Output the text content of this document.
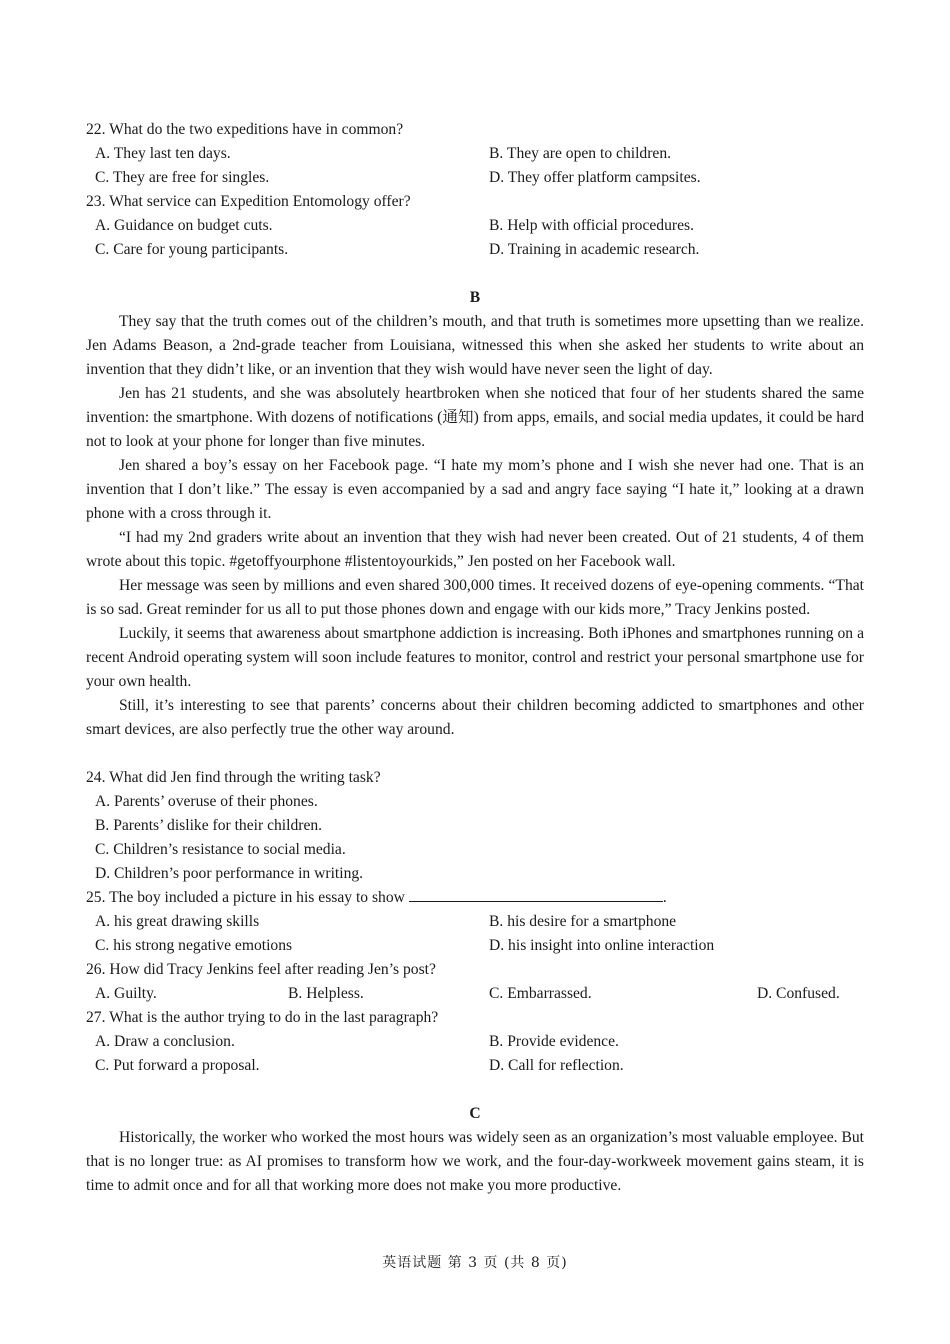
22. What do the two expeditions have in common?

A. They last ten days.	B. They are open to children.
C. They are free for singles.	D. They offer platform campsites.

23. What service can Expedition Entomology offer?

A. Guidance on budget cuts.	B. Help with official procedures.
C. Care for young participants.	D. Training in academic research.

B

They say that the truth comes out of the children’s mouth, and that truth is sometimes more upsetting than we realize. Jen Adams Beason, a 2nd-grade teacher from Louisiana, witnessed this when she asked her students to write about an invention that they didn’t like, or an invention that they wish would have never seen the light of day.

Jen has 21 students, and she was absolutely heartbroken when she noticed that four of her students shared the same invention: the smartphone. With dozens of notifications (通知) from apps, emails, and social media updates, it could be hard not to look at your phone for longer than five minutes.

Jen shared a boy’s essay on her Facebook page. “I hate my mom’s phone and I wish she never had one. That is an invention that I don’t like.” The essay is even accompanied by a sad and angry face saying “I hate it,” looking at a drawn phone with a cross through it.

“I had my 2nd graders write about an invention that they wish had never been created. Out of 21 students, 4 of them wrote about this topic. #getoffyourphone #listentoyourkids,” Jen posted on her Facebook wall.

Her message was seen by millions and even shared 300,000 times. It received dozens of eye-opening comments. “That is so sad. Great reminder for us all to put those phones down and engage with our kids more,” Tracy Jenkins posted.

Luckily, it seems that awareness about smartphone addiction is increasing. Both iPhones and smartphones running on a recent Android operating system will soon include features to monitor, control and restrict your personal smartphone use for your own health.

Still, it’s interesting to see that parents’ concerns about their children becoming addicted to smartphones and other smart devices, are also perfectly true the other way around.

24. What did Jen find through the writing task?

A. Parents’ overuse of their phones.

B. Parents’ dislike for their children.

C. Children’s resistance to social media.

D. Children’s poor performance in writing.

25. The boy included a picture in his essay to show	.

A. his great drawing skills	B. his desire for a smartphone
C. his strong negative emotions	D. his insight into online interaction

26. How did Tracy Jenkins feel after reading Jen’s post?

A. Guilty.	B. Helpless.	C. Embarrassed.	D. Confused.

27. What is the author trying to do in the last paragraph?

A. Draw a conclusion.	B. Provide evidence.
C. Put forward a proposal.	D. Call for reflection.

C

Historically, the worker who worked the most hours was widely seen as an organization’s most valuable employee. But that is no longer true: as AI promises to transform how we work, and the four-day-workweek movement gains steam, it is time to admit once and for all that working more does not make you more productive.

英语试题 第 3 页 (共 8 页)
